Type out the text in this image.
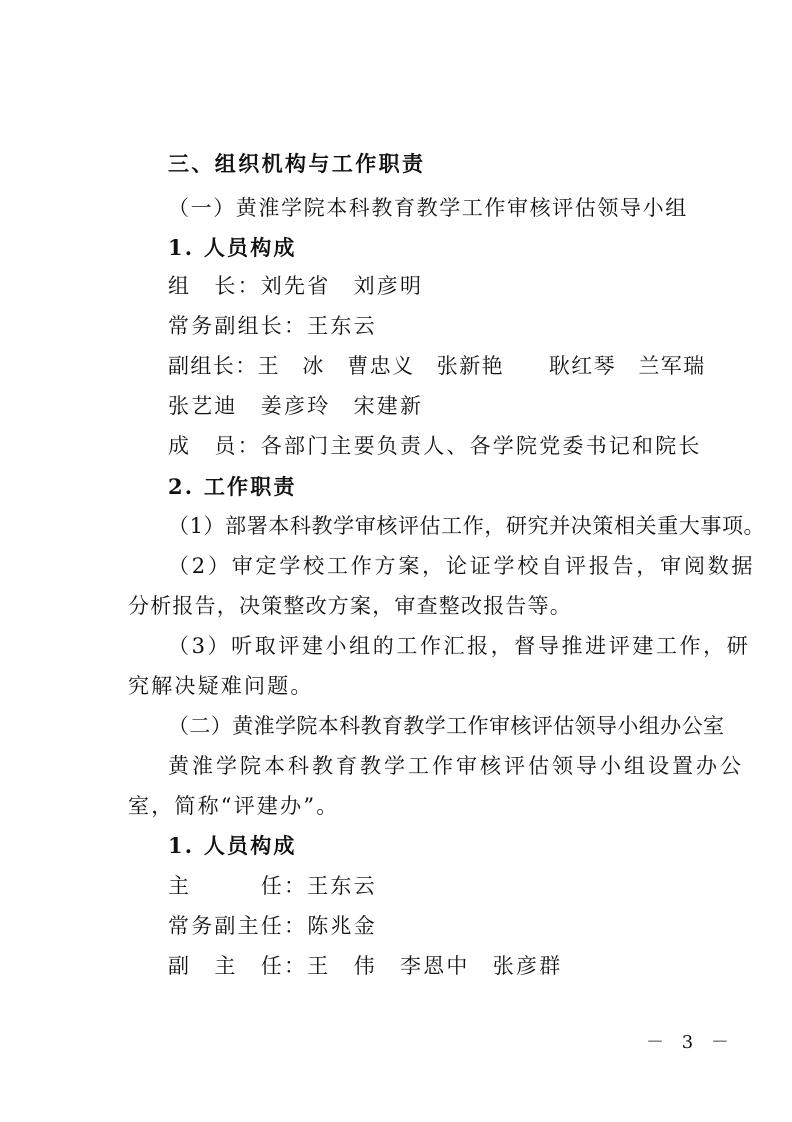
三、组织机构与工作职责
（一）黄淮学院本科教育教学工作审核评估领导小组
1. 人员构成
组　长：刘先省　刘彦明
常务副组长：王东云
副组长：王　冰　曹忠义　张新艳　　耿红琴　兰军瑞
张艺迪　姜彦玲　宋建新
成　员：各部门主要负责人、各学院党委书记和院长
2. 工作职责
（1）部署本科教学审核评估工作，研究并决策相关重大事项。
（2）审定学校工作方案，论证学校自评报告，审阅数据
分析报告，决策整改方案，审查整改报告等。
（3）听取评建小组的工作汇报，督导推进评建工作，研
究解决疑难问题。
（二）黄淮学院本科教育教学工作审核评估领导小组办公室
黄淮学院本科教育教学工作审核评估领导小组设置办公
室，简称“评建办”。
1. 人员构成
主　　　任：王东云
常务副主任：陈兆金
副　主　任：王　伟　李恩中　张彦群
－ 3 －
